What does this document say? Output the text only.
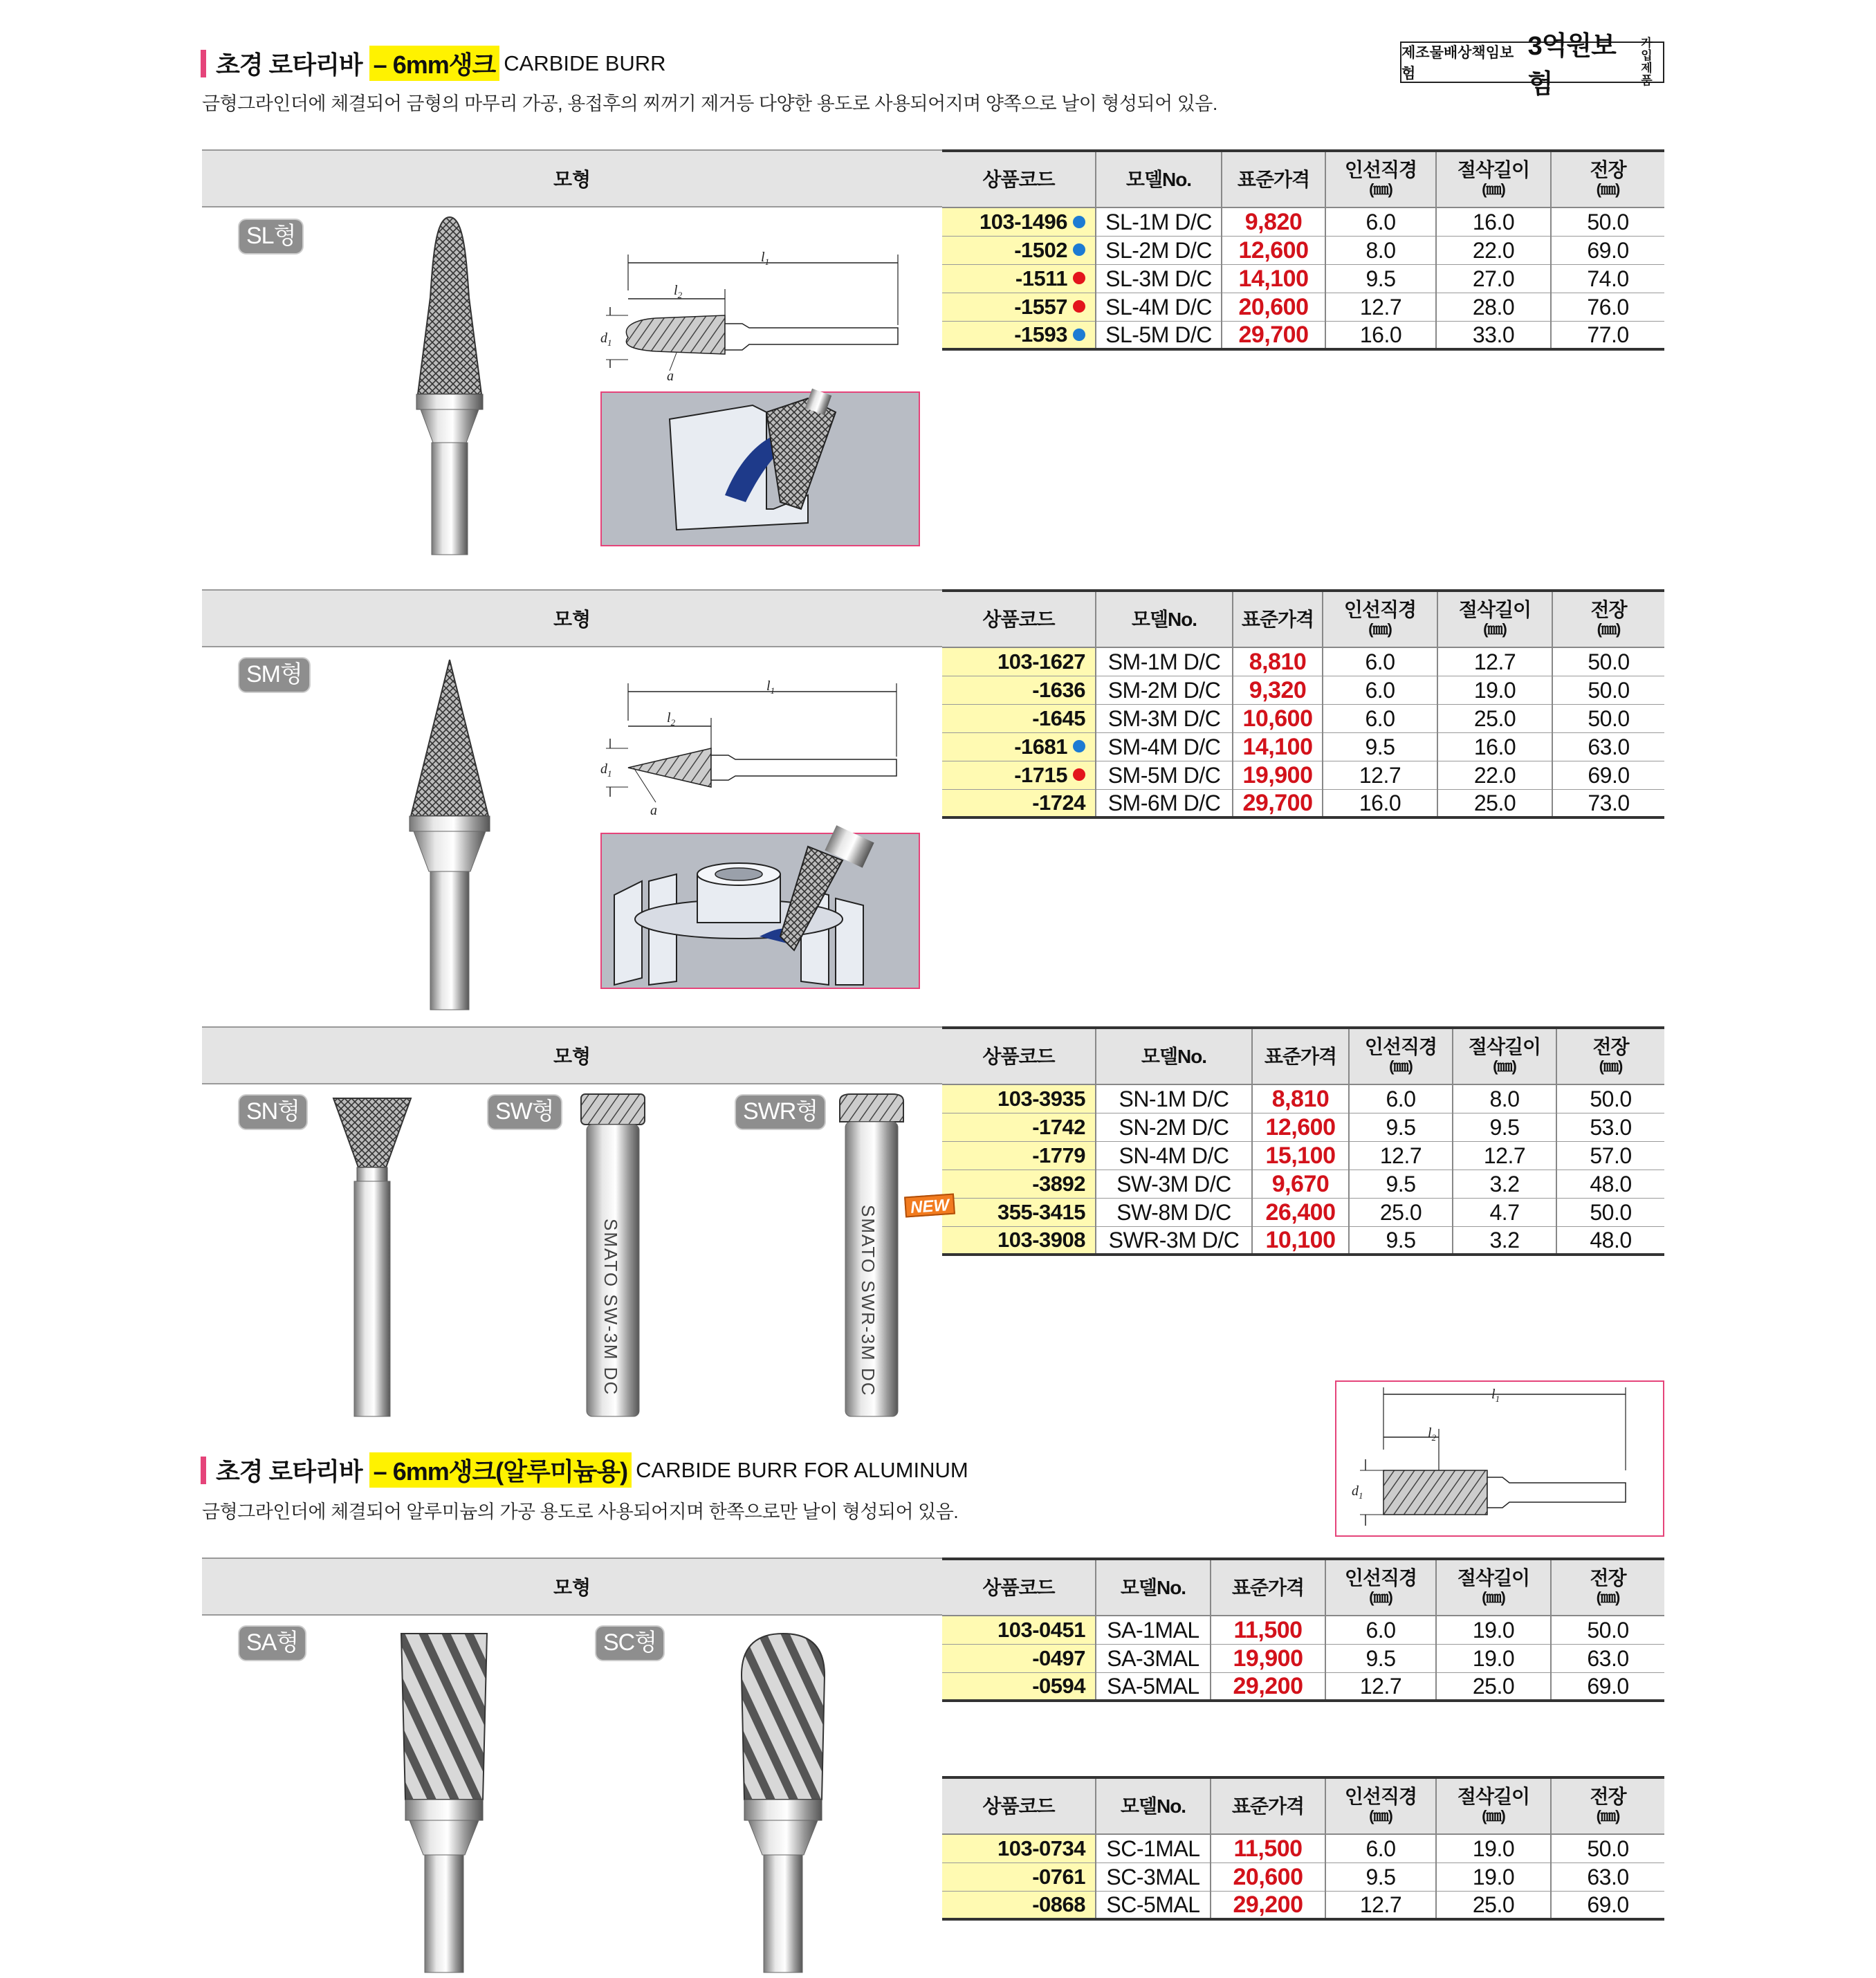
초경 로타리바 – 6mm생크 CARBIDE BURR
금형그라인더에 체결되어 금형의 마무리 가공, 용접후의 찌꺼기 제거등 다양한 용도로 사용되어지며 양쪽으로 날이 형성되어 있음.
제조물배상책임보험
3억원보험
가입
제품
모형	상품코드	모델No.	표준가격	인선직경
(㎜)	절삭길이
(㎜)	전장
(㎜)

103-1496	SL-1M D/C	9,820	6.0	16.0	50.0
-1502	SL-2M D/C	12,600	8.0	22.0	69.0
-1511	SL-3M D/C	14,100	9.5	27.0	74.0
-1557	SL-4M D/C	20,600	12.7	28.0	76.0
-1593	SL-5M D/C	29,700	16.0	33.0	77.0
SL형
$l_1$
$l_2$
$d_1$
a
모형	상품코드	모델No.	표준가격	인선직경
(㎜)	절삭길이
(㎜)	전장
(㎜)

103-1627	SM-1M D/C	8,810	6.0	12.7	50.0
-1636	SM-2M D/C	9,320	6.0	19.0	50.0
-1645	SM-3M D/C	10,600	6.0	25.0	50.0
-1681	SM-4M D/C	14,100	9.5	16.0	63.0
-1715	SM-5M D/C	19,900	12.7	22.0	69.0
-1724	SM-6M D/C	29,700	16.0	25.0	73.0
SM형	$l_1$
$l_2$
$d_1$
a
모형	상품코드	모델No.	표준가격	인선직경
(㎜)	절삭길이
(㎜)	전장
(㎜)

103-3935	SN-1M D/C	8,810	6.0	8.0	50.0
-1742	SN-2M D/C	12,600	9.5	9.5	53.0
-1779	SN-4M D/C	15,100	12.7	12.7	57.0
-3892	SW-3M D/C	9,670	9.5	3.2	48.0
355-3415	SW-8M D/C	26,400	25.0	4.7	50.0
103-3908	SWR-3M D/C	10,100	9.5	3.2	48.0
NEW
SN형	SW형	SWR형
SMATO SW-3M DC	SMATO SWR-3M DC	$l_1$
$l_2$
$d_1$
초경 로타리바 – 6mm생크(알루미늄용) CARBIDE BURR FOR ALUMINUM
금형그라인더에 체결되어 알루미늄의 가공 용도로 사용되어지며 한쪽으로만 날이 형성되어 있음.
모형	상품코드	모델No.	표준가격	인선직경
(㎜)	절삭길이
(㎜)	전장
(㎜)

103-0451	SA-1MAL	11,500	6.0	19.0	50.0
-0497	SA-3MAL	19,900	9.5	19.0	63.0
-0594	SA-5MAL	29,200	12.7	25.0	69.0
상품코드	모델No.	표준가격	인선직경
(㎜)	절삭길이
(㎜)	전장
(㎜)

103-0734	SC-1MAL	11,500	6.0	19.0	50.0
-0761	SC-3MAL	20,600	9.5	19.0	63.0
-0868	SC-5MAL	29,200	12.7	25.0	69.0
SA형	SC형
